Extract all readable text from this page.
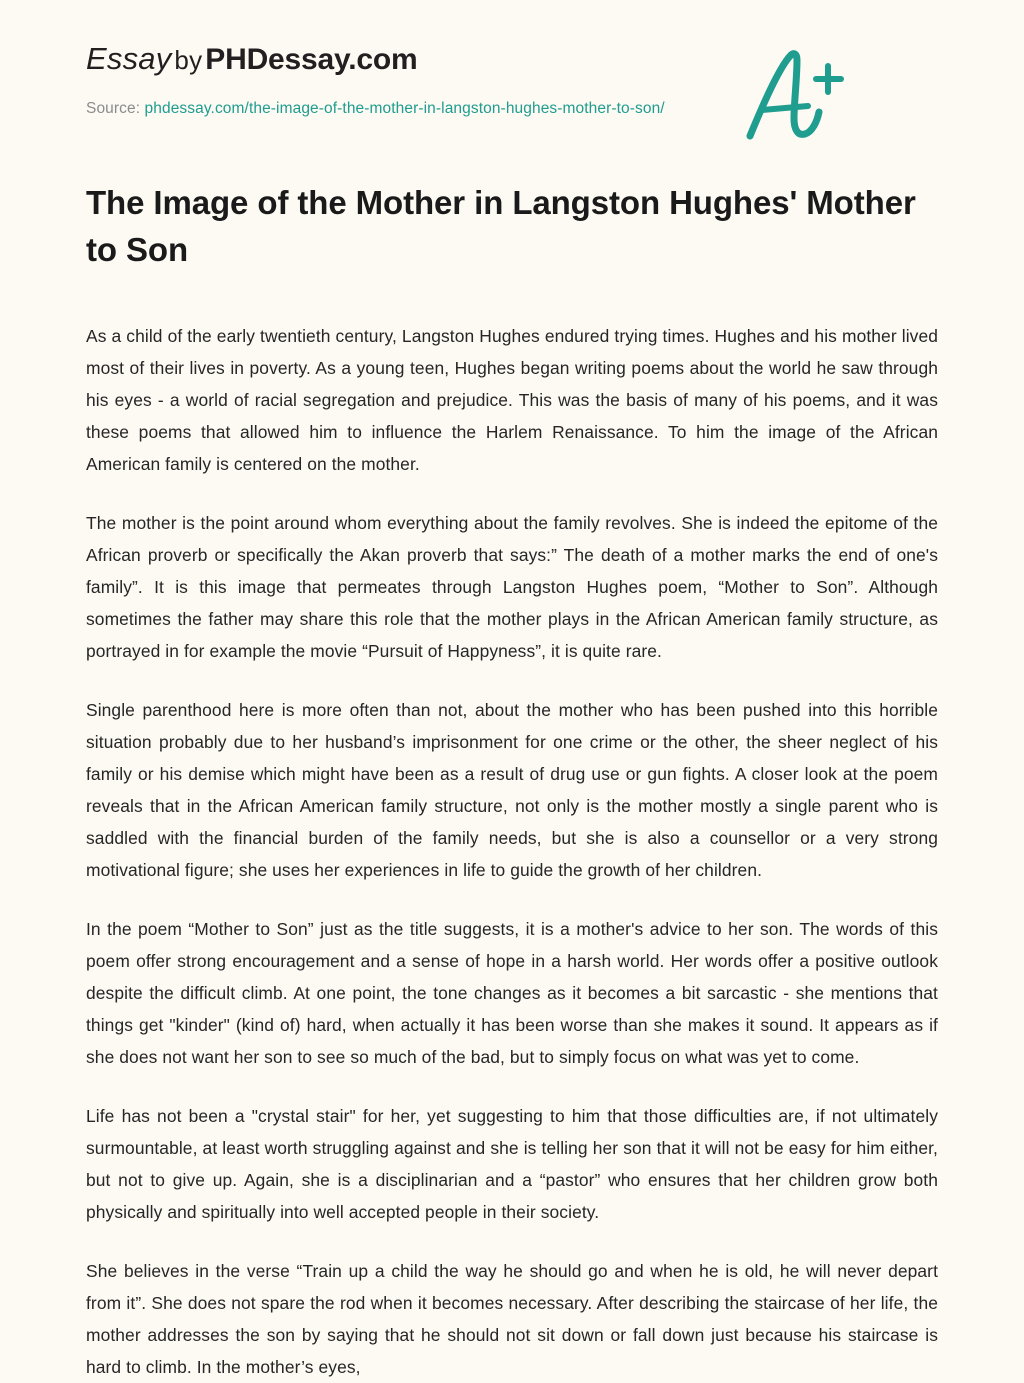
Essay by PHDessay.com
Source: phdessay.com/the-image-of-the-mother-in-langston-hughes-mother-to-son/
The Image of the Mother in Langston Hughes' Mother to Son

As a child of the early twentieth century, Langston Hughes endured trying times. Hughes and his mother lived most of their lives in poverty. As a young teen, Hughes began writing poems about the world he saw through his eyes - a world of racial segregation and prejudice. This was the basis of many of his poems, and it was these poems that allowed him to influence the Harlem Renaissance. To him the image of the African American family is centered on the mother.

The mother is the point around whom everything about the family revolves. She is indeed the epitome of the African proverb or specifically the Akan proverb that says:” The death of a mother marks the end of one's family”. It is this image that permeates through Langston Hughes poem, “Mother to Son”. Although sometimes the father may share this role that the mother plays in the African American family structure, as portrayed in for example the movie “Pursuit of Happyness”, it is quite rare.

Single parenthood here is more often than not, about the mother who has been pushed into this horrible situation probably due to her husband’s imprisonment for one crime or the other, the sheer neglect of his family or his demise which might have been as a result of drug use or gun fights. A closer look at the poem reveals that in the African American family structure, not only is the mother mostly a single parent who is saddled with the financial burden of the family needs, but she is also a counsellor or a very strong motivational figure; she uses her experiences in life to guide the growth of her children.

In the poem “Mother to Son” just as the title suggests, it is a mother's advice to her son. The words of this poem offer strong encouragement and a sense of hope in a harsh world. Her words offer a positive outlook despite the difficult climb. At one point, the tone changes as it becomes a bit sarcastic - she mentions that things get "kinder" (kind of) hard, when actually it has been worse than she makes it sound. It appears as if she does not want her son to see so much of the bad, but to simply focus on what was yet to come.

Life has not been a "crystal stair" for her, yet suggesting to him that those difficulties are, if not ultimately surmountable, at least worth struggling against and she is telling her son that it will not be easy for him either, but not to give up. Again, she is a disciplinarian and a “pastor” who ensures that her children grow both physically and spiritually into well accepted people in their society.

She believes in the verse “Train up a child the way he should go and when he is old, he will never depart from it”. She does not spare the rod when it becomes necessary. After describing the staircase of her life, the mother addresses the son by saying that he should not sit down or fall down just because his staircase is hard to climb. In the mother’s eyes,
